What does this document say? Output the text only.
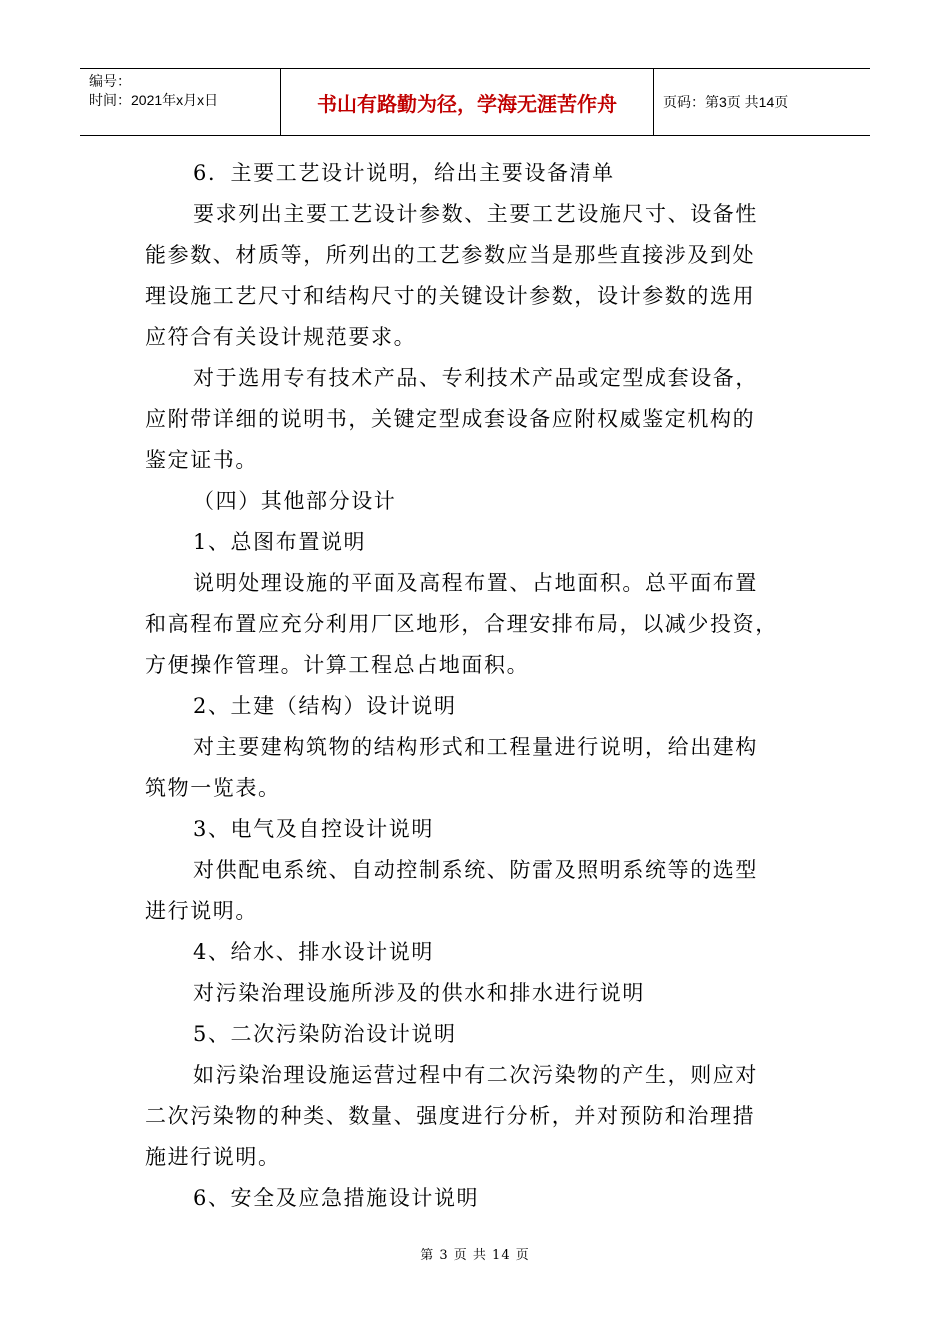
编号：
时间：2021年x月x日	书山有路勤为径，学海无涯苦作舟	页码：第3页 共14页

6．主要工艺设计说明，给出主要设备清单

要求列出主要工艺设计参数、主要工艺设施尺寸、设备性

能参数、材质等，所列出的工艺参数应当是那些直接涉及到处

理设施工艺尺寸和结构尺寸的关键设计参数，设计参数的选用

应符合有关设计规范要求。

对于选用专有技术产品、专利技术产品或定型成套设备，

应附带详细的说明书，关键定型成套设备应附权威鉴定机构的

鉴定证书。

（四）其他部分设计

1、总图布置说明

说明处理设施的平面及高程布置、占地面积。总平面布置

和高程布置应充分利用厂区地形，合理安排布局，以减少投资，

方便操作管理。计算工程总占地面积。

2、土建（结构）设计说明

对主要建构筑物的结构形式和工程量进行说明，给出建构

筑物一览表。

3、电气及自控设计说明

对供配电系统、自动控制系统、防雷及照明系统等的选型

进行说明。

4、给水、排水设计说明

对污染治理设施所涉及的供水和排水进行说明

5、二次污染防治设计说明

如污染治理设施运营过程中有二次污染物的产生，则应对

二次污染物的种类、数量、强度进行分析，并对预防和治理措

施进行说明。

6、安全及应急措施设计说明

第 3 页 共 14 页
